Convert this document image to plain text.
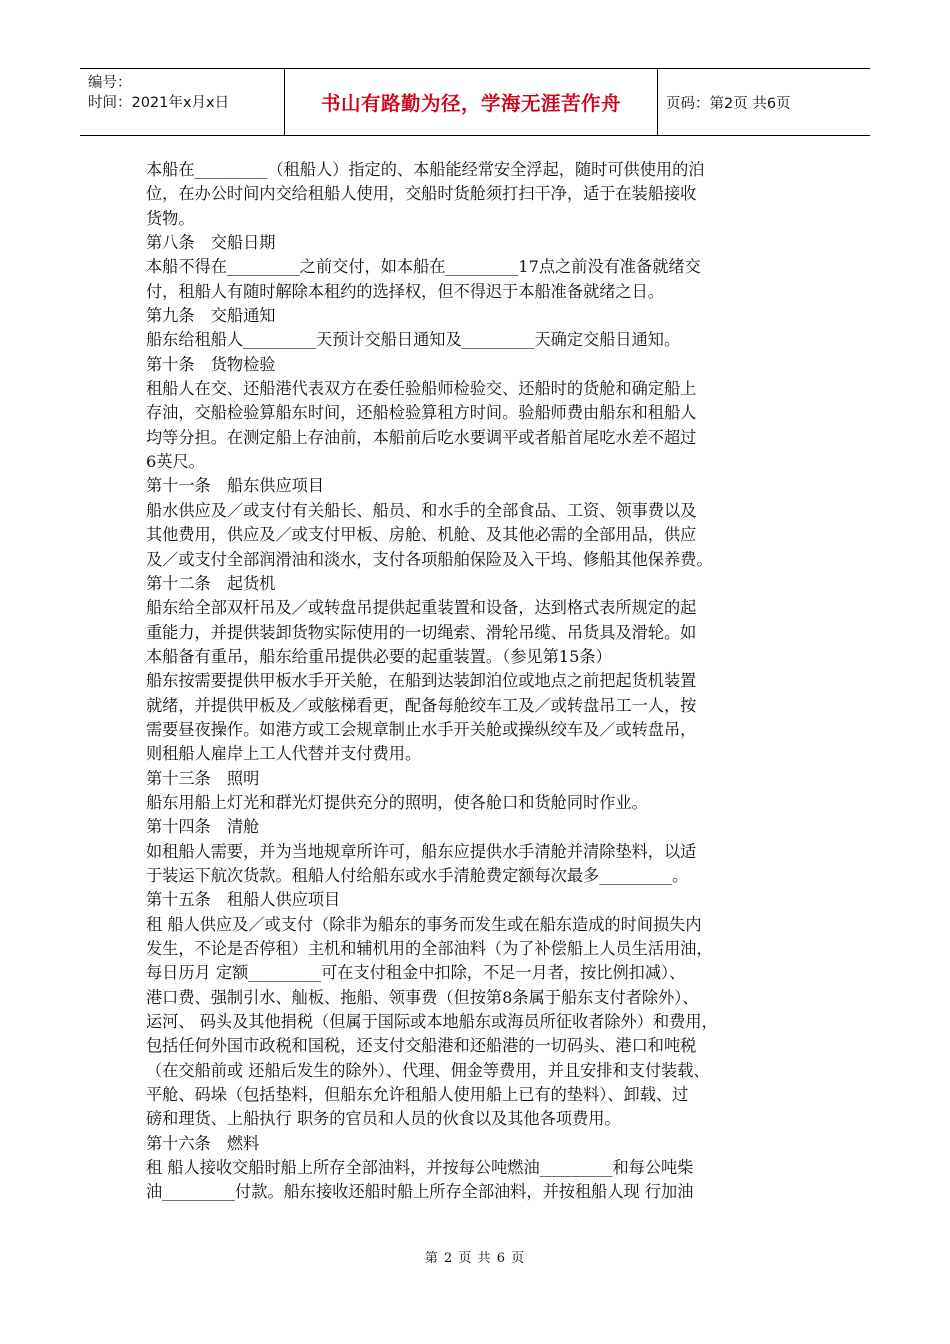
编号：
时间：2021年x月x日	书山有路勤为径，学海无涯苦作舟	页码：第2页 共6页

本船在_________（租船人）指定的、本船能经常安全浮起，随时可供使用的泊

位，在办公时间内交给租船人使用，交船时货舱须打扫干净，适于在装船接收

货物。

第八条　交船日期

本船不得在_________之前交付，如本船在_________17点之前没有准备就绪交

付，租船人有随时解除本租约的选择权，但不得迟于本船准备就绪之日。

第九条　交船通知

船东给租船人_________天预计交船日通知及_________天确定交船日通知。

第十条　货物检验

租船人在交、还船港代表双方在委任验船师检验交、还船时的货舱和确定船上

存油，交船检验算船东时间，还船检验算租方时间。验船师费由船东和租船人

均等分担。在测定船上存油前，本船前后吃水要调平或者船首尾吃水差不超过

6英尺。

第十一条　船东供应项目

船水供应及／或支付有关船长、船员、和水手的全部食品、工资、领事费以及

其他费用，供应及／或支付甲板、房舱、机舱、及其他必需的全部用品，供应

及／或支付全部润滑油和淡水，支付各项船舶保险及入干坞、修船其他保养费。

第十二条　起货机

船东给全部双杆吊及／或转盘吊提供起重装置和设备，达到格式表所规定的起

重能力，并提供装卸货物实际使用的一切绳索、滑轮吊缆、吊货具及滑轮。如

本船备有重吊，船东给重吊提供必要的起重装置。（参见第15条）

船东按需要提供甲板水手开关舱，在船到达装卸泊位或地点之前把起货机装置

就绪，并提供甲板及／或舷梯看更，配备每舱绞车工及／或转盘吊工一人，按

需要昼夜操作。如港方或工会规章制止水手开关舱或操纵绞车及／或转盘吊，

则租船人雇岸上工人代替并支付费用。

第十三条　照明

船东用船上灯光和群光灯提供充分的照明，使各舱口和货舱同时作业。

第十四条　清舱

如租船人需要，并为当地规章所许可，船东应提供水手清舱并清除垫料，以适

于装运下航次货款。租船人付给船东或水手清舱费定额每次最多_________。

第十五条　租船人供应项目

租 船人供应及／或支付（除非为船东的事务而发生或在船东造成的时间损失内

发生，不论是否停租）主机和辅机用的全部油料（为了补偿船上人员生活用油，

每日历月 定额_________可在支付租金中扣除，不足一月者，按比例扣减）、

港口费、强制引水、舢板、拖船、领事费（但按第8条属于船东支付者除外）、

运河、 码头及其他捐税（但属于国际或本地船东或海员所征收者除外）和费用，

包括任何外国市政税和国税，还支付交船港和还船港的一切码头、港口和吨税

（在交船前或 还船后发生的除外）、代理、佣金等费用，并且安排和支付装载、

平舱、码垛（包括垫料，但船东允许租船人使用船上已有的垫料）、卸载、过

磅和理货、上船执行 职务的官员和人员的伙食以及其他各项费用。

第十六条　燃料

租 船人接收交船时船上所存全部油料，并按每公吨燃油_________和每公吨柴

油_________付款。船东接收还船时船上所存全部油料，并按租船人现 行加油

第 2 页 共 6 页
